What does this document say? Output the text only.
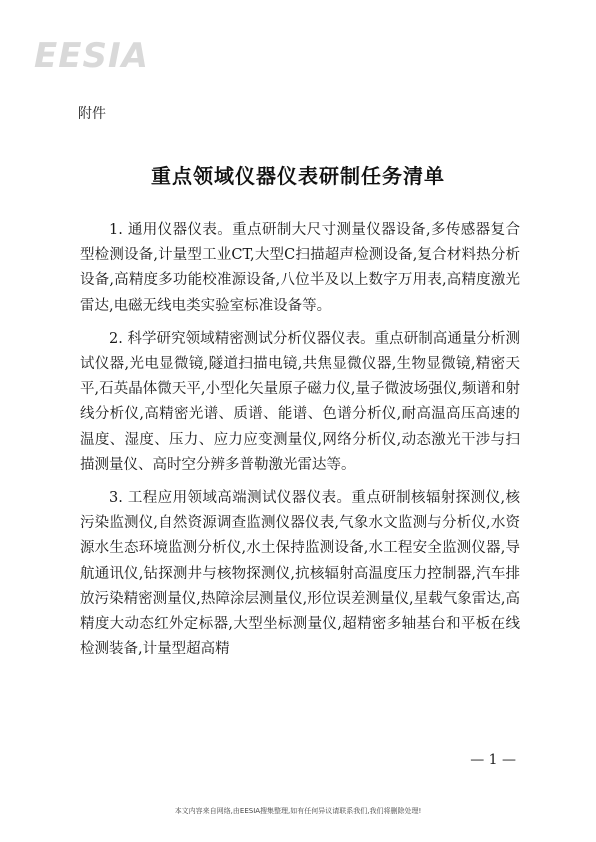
EESIA
附件
重点领域仪器仪表研制任务清单

1. 通用仪器仪表。重点研制大尺寸测量仪器设备,多传感器复合型检测设备,计量型工业CT,大型C扫描超声检测设备,复合材料热分析设备,高精度多功能校准源设备,八位半及以上数字万用表,高精度激光雷达,电磁无线电类实验室标准设备等。

2. 科学研究领域精密测试分析仪器仪表。重点研制高通量分析测试仪器,光电显微镜,隧道扫描电镜,共焦显微仪器,生物显微镜,精密天平,石英晶体微天平,小型化矢量原子磁力仪,量子微波场强仪,频谱和射线分析仪,高精密光谱、质谱、能谱、色谱分析仪,耐高温高压高速的温度、湿度、压力、应力应变测量仪,网络分析仪,动态激光干涉与扫描测量仪、高时空分辨多普勒激光雷达等。

3. 工程应用领域高端测试仪器仪表。重点研制核辐射探测仪,核污染监测仪,自然资源调查监测仪器仪表,气象水文监测与分析仪,水资源水生态环境监测分析仪,水土保持监测设备,水工程安全监测仪器,导航通讯仪,钻探测井与核物探测仪,抗核辐射高温度压力控制器,汽车排放污染精密测量仪,热障涂层测量仪,形位误差测量仪,星载气象雷达,高精度大动态红外定标器,大型坐标测量仪,超精密多轴基台和平板在线检测装备,计量型超高精

— 1 —
本文内容来自网络,由EESIA搜集整理,如有任何异议请联系我们,我们将删除处理!
